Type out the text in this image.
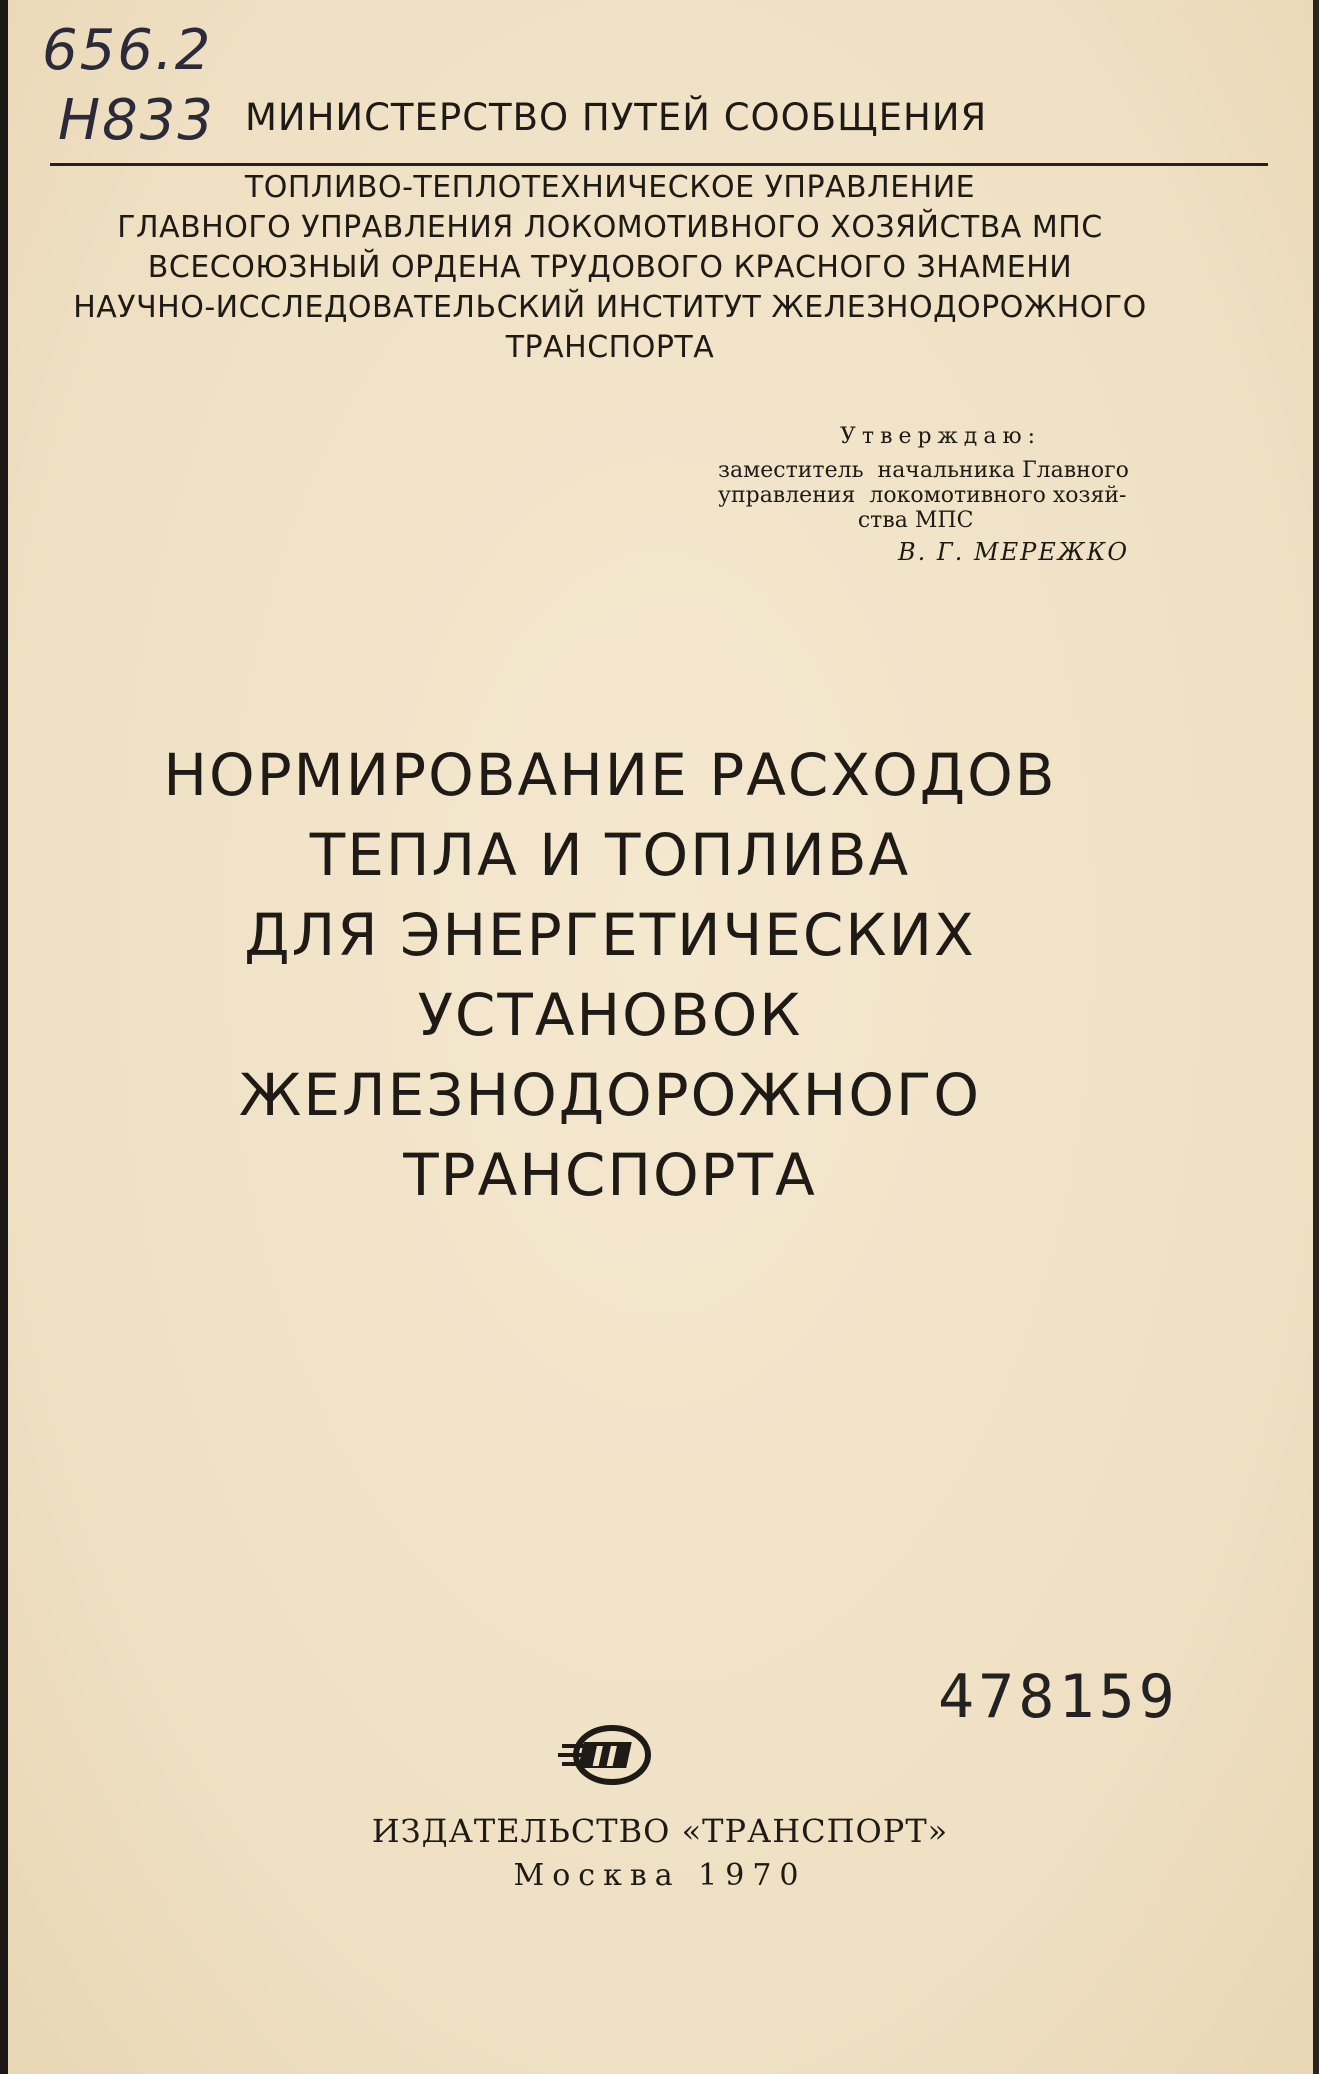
656.2
Н833 МИНИСТЕРСТВО ПУТЕЙ СООБЩЕНИЯ
ТОПЛИВО-ТЕПЛОТЕХНИЧЕСКОЕ УПРАВЛЕНИЕ
ГЛАВНОГО УПРАВЛЕНИЯ ЛОКОМОТИВНОГО ХОЗЯЙСТВА МПС
ВСЕСОЮЗНЫЙ ОРДЕНА ТРУДОВОГО КРАСНОГО ЗНАМЕНИ
НАУЧНО-ИССЛЕДОВАТЕЛЬСКИЙ ИНСТИТУТ ЖЕЛЕЗНОДОРОЖНОГО
ТРАНСПОРТА
Утверждаю:
заместитель  начальника Главного
управления  локомотивного хозяй-
ства МПС
В. Г. МЕРЕЖКО
НОРМИРОВАНИЕ РАСХОДОВ
ТЕПЛА И ТОПЛИВА
ДЛЯ ЭНЕРГЕТИЧЕСКИХ
УСТАНОВОК
ЖЕЛЕЗНОДОРОЖНОГО
ТРАНСПОРТА
478159
ИЗДАТЕЛЬСТВО «ТРАНСПОРТ»
Москва 1970
